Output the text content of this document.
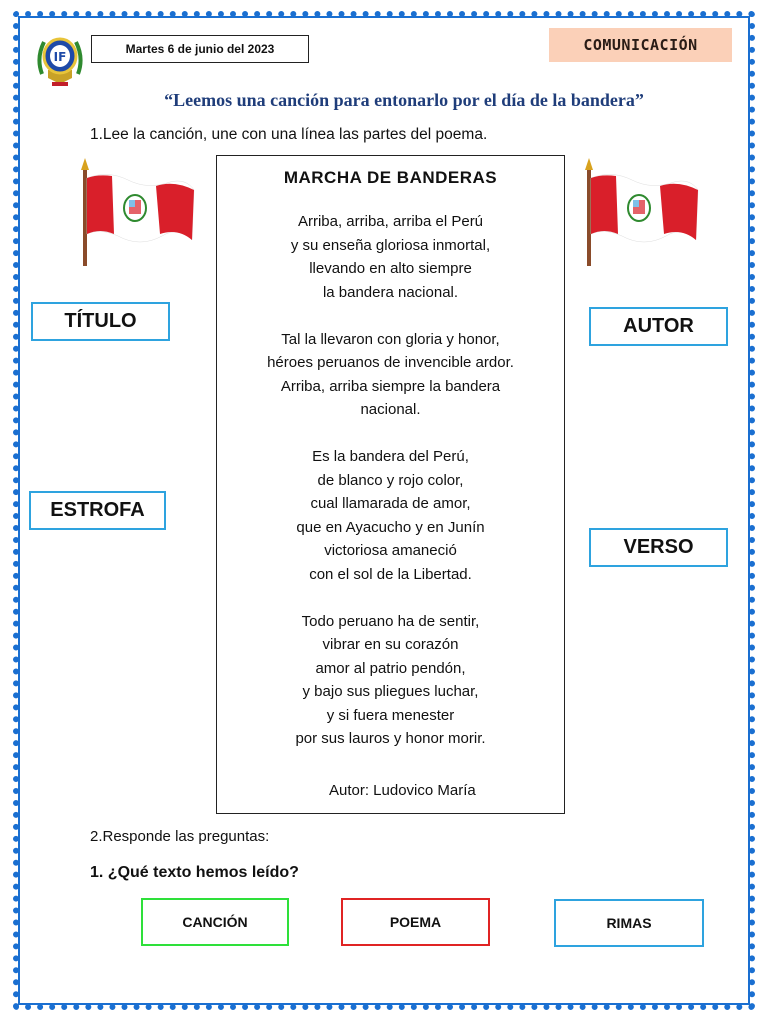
IF
Martes 6 de junio del 2023	COMUNICACIÓN
“Leemos una canción para entonarlo por el día de la bandera”
1.Lee la canción, une con una línea las partes del poema.
MARCHA DE BANDERAS
Arriba, arriba, arriba el Perú
y su enseña gloriosa inmortal,
llevando en alto siempre
la bandera nacional.
Tal la llevaron con gloria y honor,
héroes peruanos de invencible ardor.
Arriba, arriba siempre la bandera
nacional.
Es la bandera del Perú,
de blanco y rojo color,
cual llamarada de amor,
que en Ayacucho y en Junín
victoriosa amaneció
con el sol de la Libertad.
Todo peruano ha de sentir,
vibrar en su corazón
amor al patrio pendón,
y bajo sus pliegues luchar,
y si fuera menester
por sus lauros y honor morir.
Autor: Ludovico María
TÍTULO
ESTROFA
AUTOR
VERSO
2.Responde las preguntas:
1. ¿Qué texto hemos leído?
CANCIÓN	POEMA	RIMAS
